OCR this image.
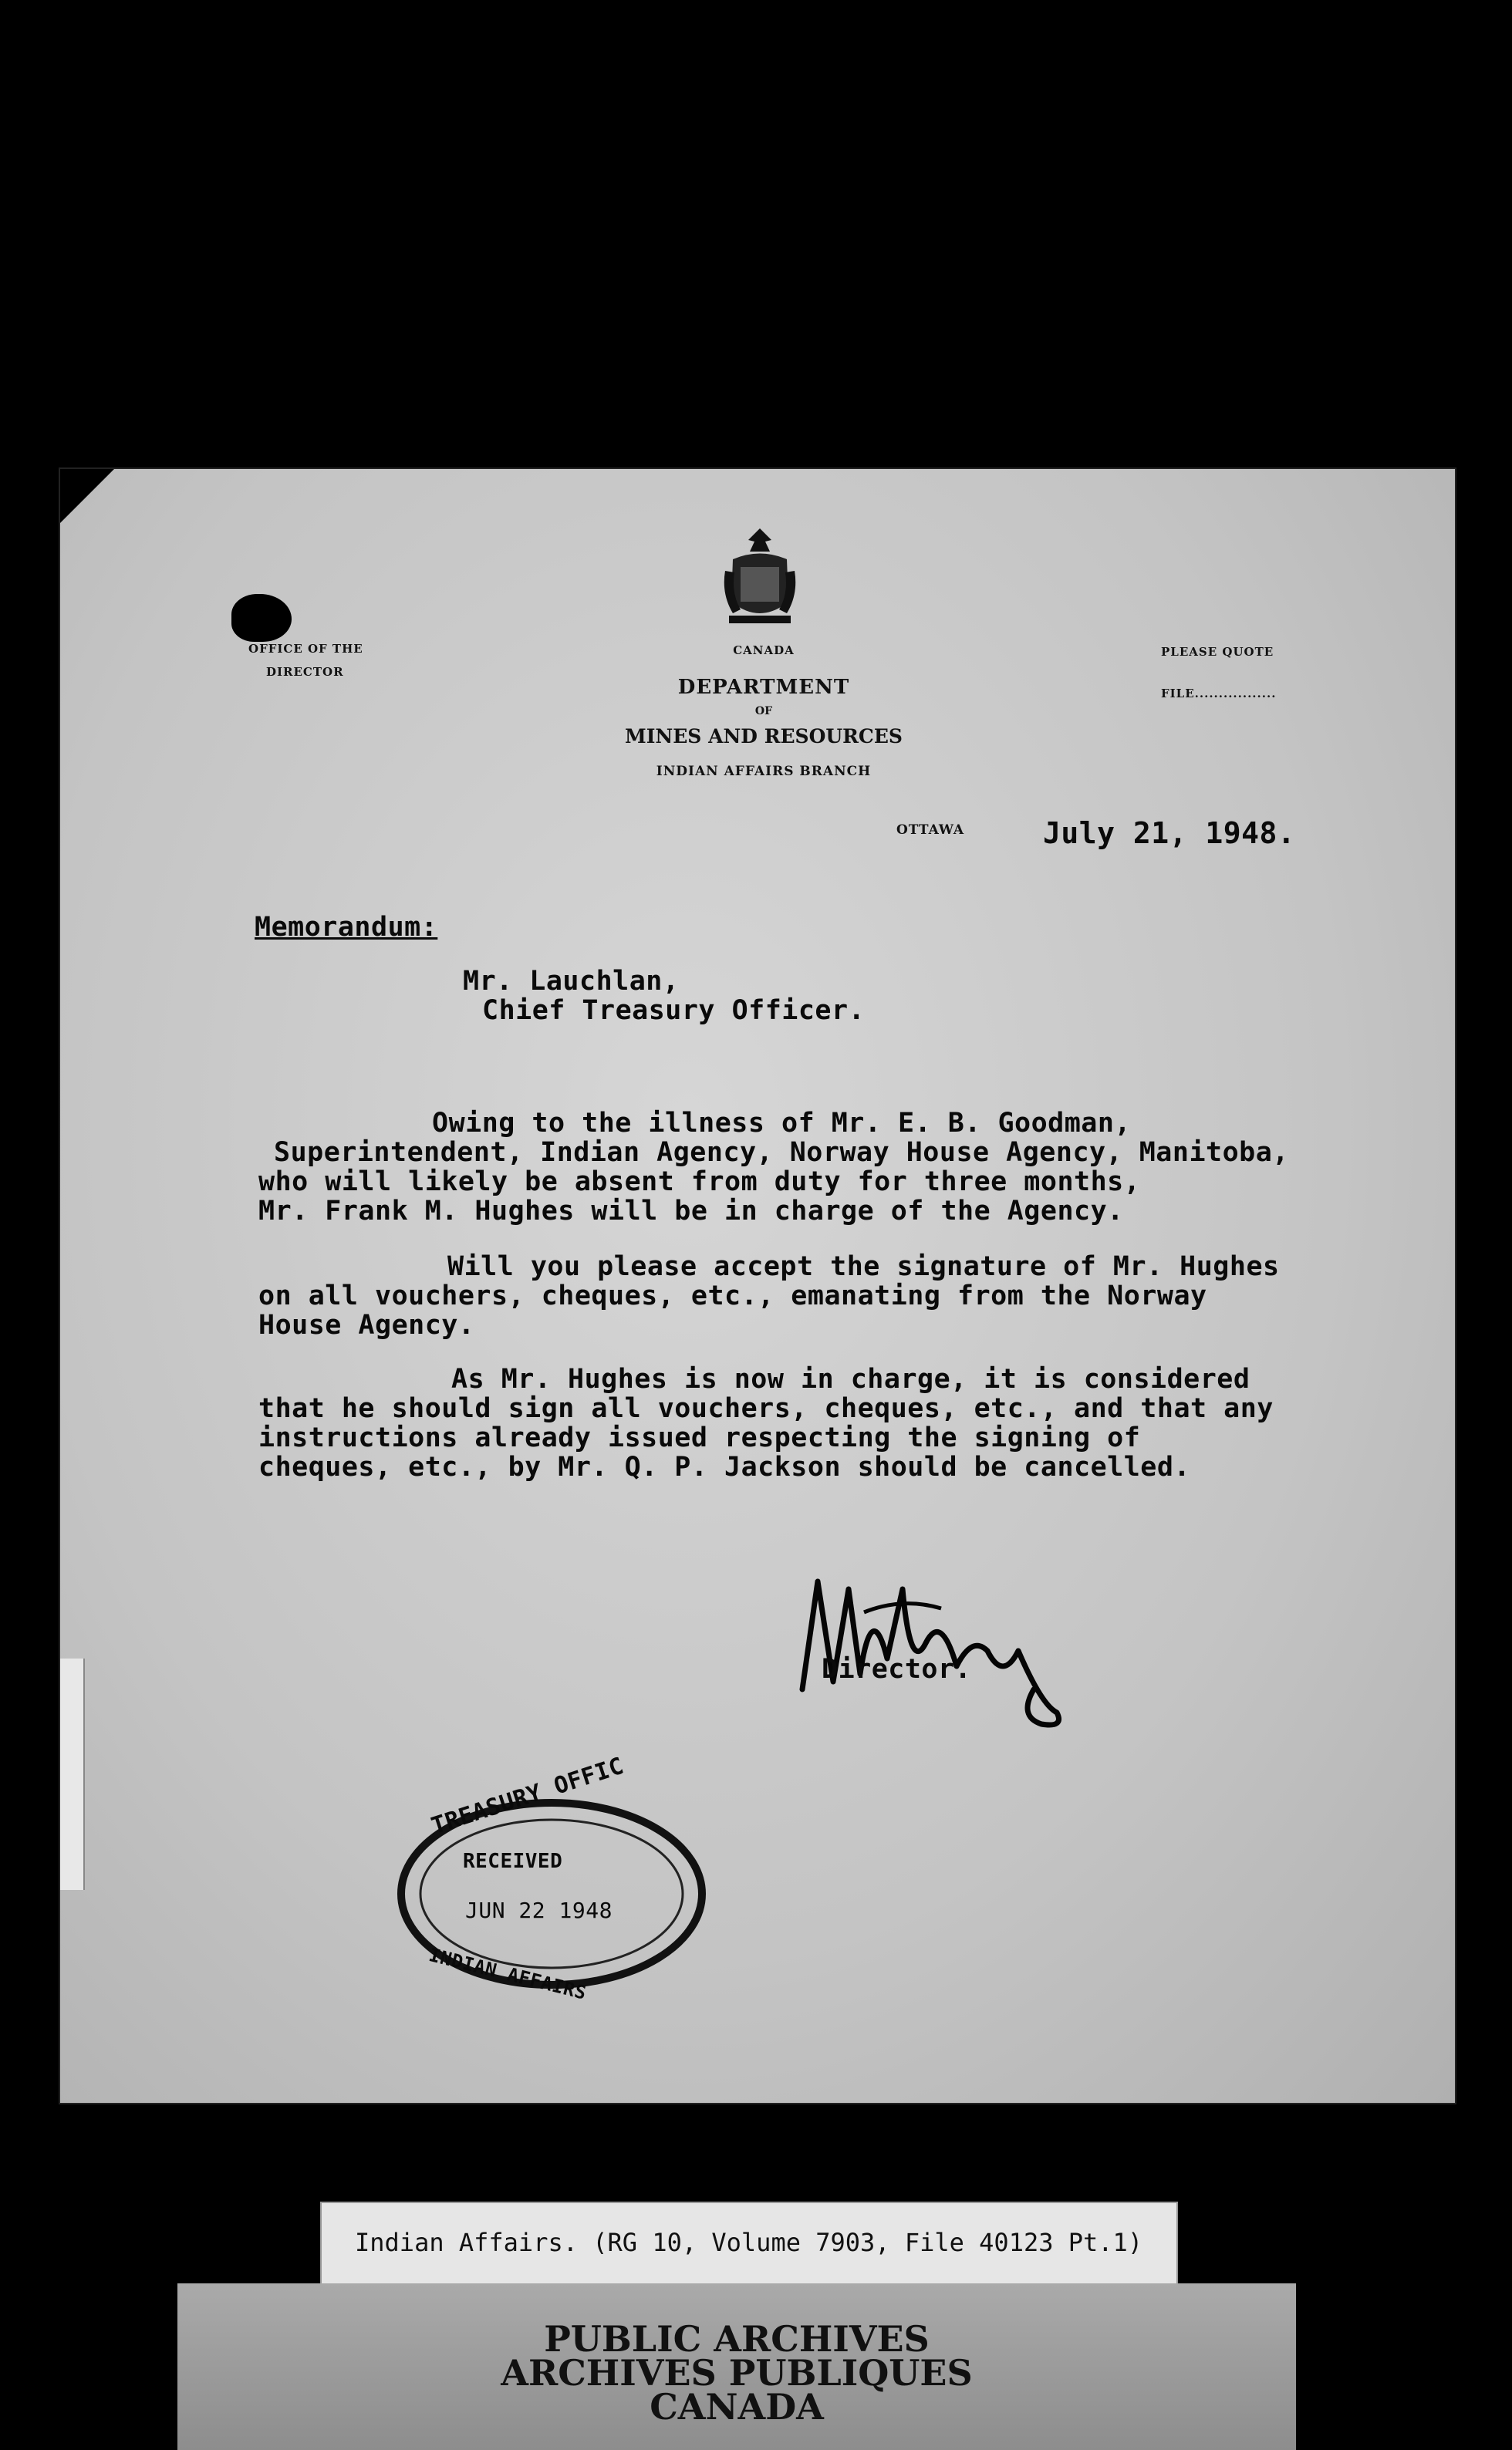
OFFICE OF THE
DIRECTOR
CANADA
DEPARTMENT
OF
MINES AND RESOURCES
INDIAN AFFAIRS BRANCH
PLEASE QUOTE
FILE.................
OTTAWA	July 21, 1948.
Memorandum:
Mr. Lauchlan,
Chief Treasury Officer.
Owing to the illness of Mr. E. B. Goodman,
Superintendent, Indian Agency, Norway House Agency, Manitoba,
who will likely be absent from duty for three months,
Mr. Frank M. Hughes will be in charge of the Agency.
Will you please accept the signature of Mr. Hughes
on all vouchers, cheques, etc., emanating from the Norway
House Agency.
As Mr. Hughes is now in charge, it is considered
that he should sign all vouchers, cheques, etc., and that any
instructions already issued respecting the signing of
cheques, etc., by Mr. Q. P. Jackson should be cancelled.
Director.
TREASURY OFFIC
RECEIVED
JUN 22 1948
INDIAN AFFAIRS
Indian Affairs. (RG 10, Volume 7903, File 40123 Pt.1)
PUBLIC ARCHIVES
ARCHIVES PUBLIQUES
CANADA
